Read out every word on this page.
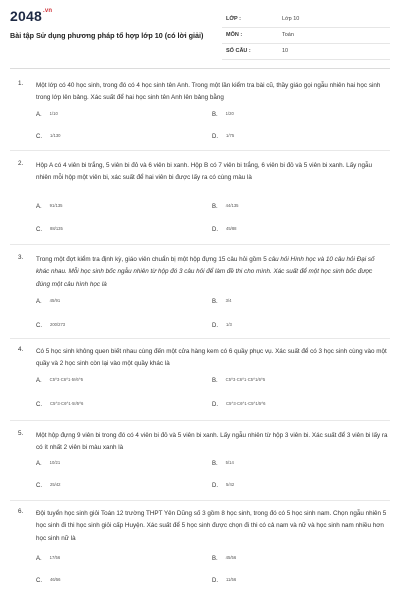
$2048^{.vn}$
Bài tập Sử dụng phương pháp tổ hợp lớp 10 (có lời giải)
LỚP :	Lớp 10
MÔN :	Toán
SỐ CÂU :	10
1. Một lớp có 40 học sinh, trong đó có 4 học sinh tên Anh. Trong một lần kiểm tra bài cũ, thầy giáo gọi ngẫu nhiên hai học sinh trong lớp lên bảng. Xác suất để hai học sinh tên Anh lên bảng bằng
A. 1/10	B. 1/20
C. 1/130	D. 1/75
2. Hộp A có 4 viên bi trắng, 5 viên bi đỏ và 6 viên bi xanh. Hộp B có 7 viên bi trắng, 6 viên bi đỏ và 5 viên bi xanh. Lấy ngẫu nhiên mỗi hộp một viên bi, xác suất để hai viên bi được lấy ra có cùng màu là
A. 91/135	B. 44/135
C. 88/135	D. 45/88
3. Trong một đợt kiểm tra định kỳ, giáo viên chuẩn bị một hộp đựng 15 câu hỏi gồm 5 câu hỏi Hình học và 10 câu hỏi Đại số khác nhau. Mỗi học sinh bốc ngẫu nhiên từ hộp đó 3 câu hỏi để làm đề thi cho mình. Xác suất để một học sinh bốc được đúng một câu hình học là
A. 45/91	B. 3/4
C. 200/273	D. 1/3
4. Có 5 học sinh không quen biết nhau cùng đến một cửa hàng kem có 6 quầy phục vụ. Xác suất để có 3 học sinh cùng vào một quầy và 2 học sinh còn lại vào một quầy khác là
A. C5^3·C6^1·5!/6^5	B. C5^3·C6^1·C5^1/6^5
C. C5^3·C6^1·5!/5^6	D. C5^3·C6^1·C5^1/5^6
5. Một hộp đựng 9 viên bi trong đó có 4 viên bi đỏ và 5 viên bi xanh. Lấy ngẫu nhiên từ hộp 3 viên bi. Xác suất để 3 viên bi lấy ra có ít nhất 2 viên bi màu xanh là
A. 10/21	B. 5/14
C. 25/42	D. 5/42
6. Đội tuyển học sinh giỏi Toán 12 trường THPT Yên Dũng số 3 gồm 8 học sinh, trong đó có 5 học sinh nam. Chọn ngẫu nhiên 5 học sinh đi thi học sinh giỏi cấp Huyện. Xác suất để 5 học sinh được chọn đi thi có cả nam và nữ và học sinh nam nhiều hơn học sinh nữ là
A. 17/56	B. 45/56
C. 46/56	D. 11/56
